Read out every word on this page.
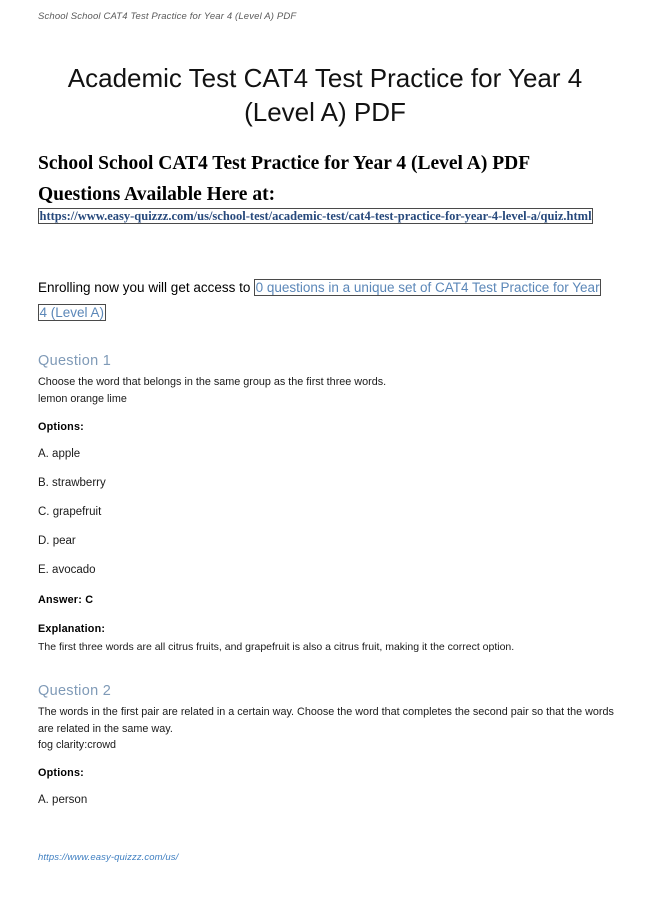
School School CAT4 Test Practice for Year 4 (Level A) PDF
Academic Test CAT4 Test Practice for Year 4 (Level A) PDF
School School CAT4 Test Practice for Year 4 (Level A) PDF Questions Available Here at:
https://www.easy-quizzz.com/us/school-test/academic-test/cat4-test-practice-for-year-4-level-a/quiz.html

Enrolling now you will get access to 0 questions in a unique set of CAT4 Test Practice for Year 4 (Level A)

Question 1

Choose the word that belongs in the same group as the first three words.

lemon orange lime

Options:
A. apple
B. strawberry
C. grapefruit
D. pear
E. avocado
Answer: C
Explanation:
The first three words are all citrus fruits, and grapefruit is also a citrus fruit, making it the correct option.
Question 2

The words in the first pair are related in a certain way. Choose the word that completes the second pair so that the words are related in the same way.

fog clarity:crowd

Options:
A. person
https://www.easy-quizzz.com/us/
